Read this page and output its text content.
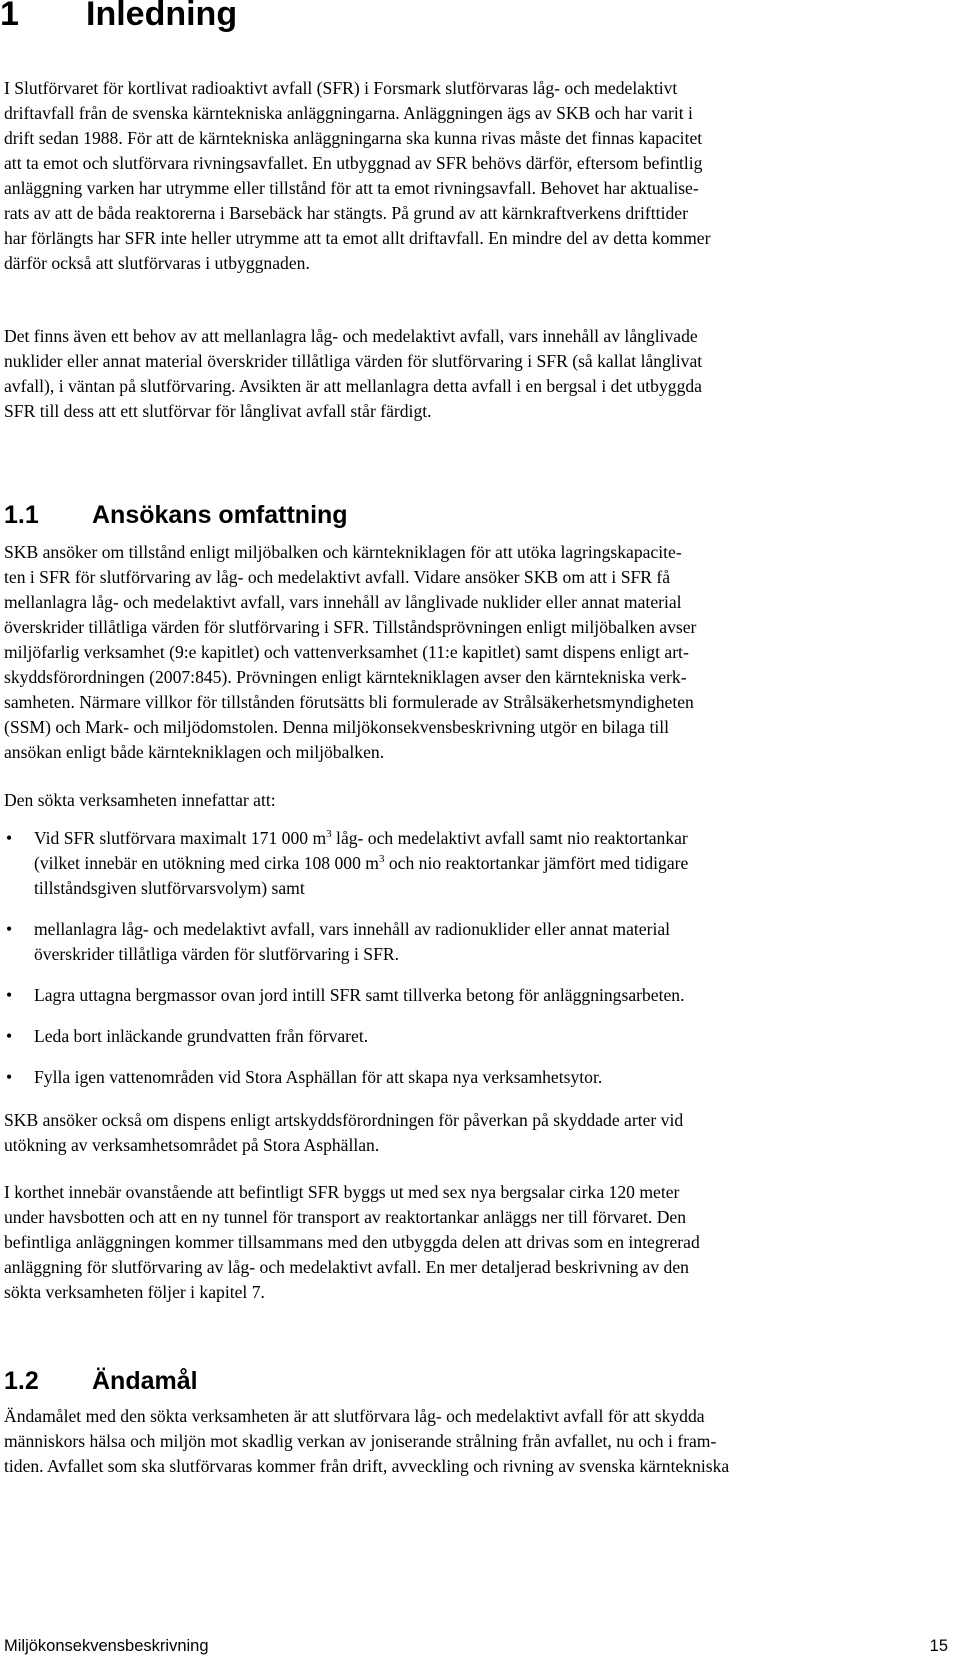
1 Inledning
I Slutförvaret för kortlivat radioaktivt avfall (SFR) i Forsmark slutförvaras låg- och medelaktivt
driftavfall från de svenska kärntekniska anläggningarna. Anläggningen ägs av SKB och har varit i
drift sedan 1988. För att de kärntekniska anläggningarna ska kunna rivas måste det finnas kapacitet
att ta emot och slutförvara rivningsavfallet. En utbyggnad av SFR behövs därför, eftersom befintlig
anläggning varken har utrymme eller tillstånd för att ta emot rivningsavfall. Behovet har aktualise-
rats av att de båda reaktorerna i Barsebäck har stängts. På grund av att kärnkraftverkens drifttider
har förlängts har SFR inte heller utrymme att ta emot allt driftavfall. En mindre del av detta kommer
därför också att slutförvaras i utbyggnaden.
Det finns även ett behov av att mellanlagra låg- och medelaktivt avfall, vars innehåll av långlivade
nuklider eller annat material överskrider tillåtliga värden för slutförvaring i SFR (så kallat långlivat
avfall), i väntan på slutförvaring. Avsikten är att mellanlagra detta avfall i en bergsal i det utbyggda
SFR till dess att ett slutförvar för långlivat avfall står färdigt.
1.1 Ansökans omfattning
SKB ansöker om tillstånd enligt miljöbalken och kärntekniklagen för att utöka lagringskapacite-
ten i SFR för slutförvaring av låg- och medelaktivt avfall. Vidare ansöker SKB om att i SFR få
mellanlagra låg- och medelaktivt avfall, vars innehåll av långlivade nuklider eller annat material
överskrider tillåtliga värden för slutförvaring i SFR. Tillståndsprövningen enligt miljöbalken avser
miljöfarlig verksamhet (9:e kapitlet) och vattenverksamhet (11:e kapitlet) samt dispens enligt art-
skyddsförordningen (2007:845). Prövningen enligt kärntekniklagen avser den kärntekniska verk-
samheten. Närmare villkor för tillstånden förutsätts bli formulerade av Strålsäkerhetsmyndigheten
(SSM) och Mark- och miljödomstolen. Denna miljökonsekvensbeskrivning utgör en bilaga till
ansökan enligt både kärntekniklagen och miljöbalken.
Den sökta verksamheten innefattar att:
• Vid SFR slutförvara maximalt 171 000 $m^3$ låg- och medelaktivt avfall samt nio reaktortankar
(vilket innebär en utökning med cirka 108 000 $m^3$ och nio reaktortankar jämfört med tidigare
tillståndsgiven slutförvarsvolym) samt
• mellanlagra låg- och medelaktivt avfall, vars innehåll av radionuklider eller annat material
överskrider tillåtliga värden för slutförvaring i SFR.
• Lagra uttagna bergmassor ovan jord intill SFR samt tillverka betong för anläggningsarbeten.
• Leda bort inläckande grundvatten från förvaret.
• Fylla igen vattenområden vid Stora Asphällan för att skapa nya verksamhetsytor.
SKB ansöker också om dispens enligt artskyddsförordningen för påverkan på skyddade arter vid
utökning av verksamhetsområdet på Stora Asphällan.
I korthet innebär ovanstående att befintligt SFR byggs ut med sex nya bergsalar cirka 120 meter
under havsbotten och att en ny tunnel för transport av reaktortankar anläggs ner till förvaret. Den
befintliga anläggningen kommer tillsammans med den utbyggda delen att drivas som en integrerad
anläggning för slutförvaring av låg- och medelaktivt avfall. En mer detaljerad beskrivning av den
sökta verksamheten följer i kapitel 7.
1.2 Ändamål
Ändamålet med den sökta verksamheten är att slutförvara låg- och medelaktivt avfall för att skydda
människors hälsa och miljön mot skadlig verkan av joniserande strålning från avfallet, nu och i fram-
tiden. Avfallet som ska slutförvaras kommer från drift, avveckling och rivning av svenska kärntekniska
Miljökonsekvensbeskrivning	15
